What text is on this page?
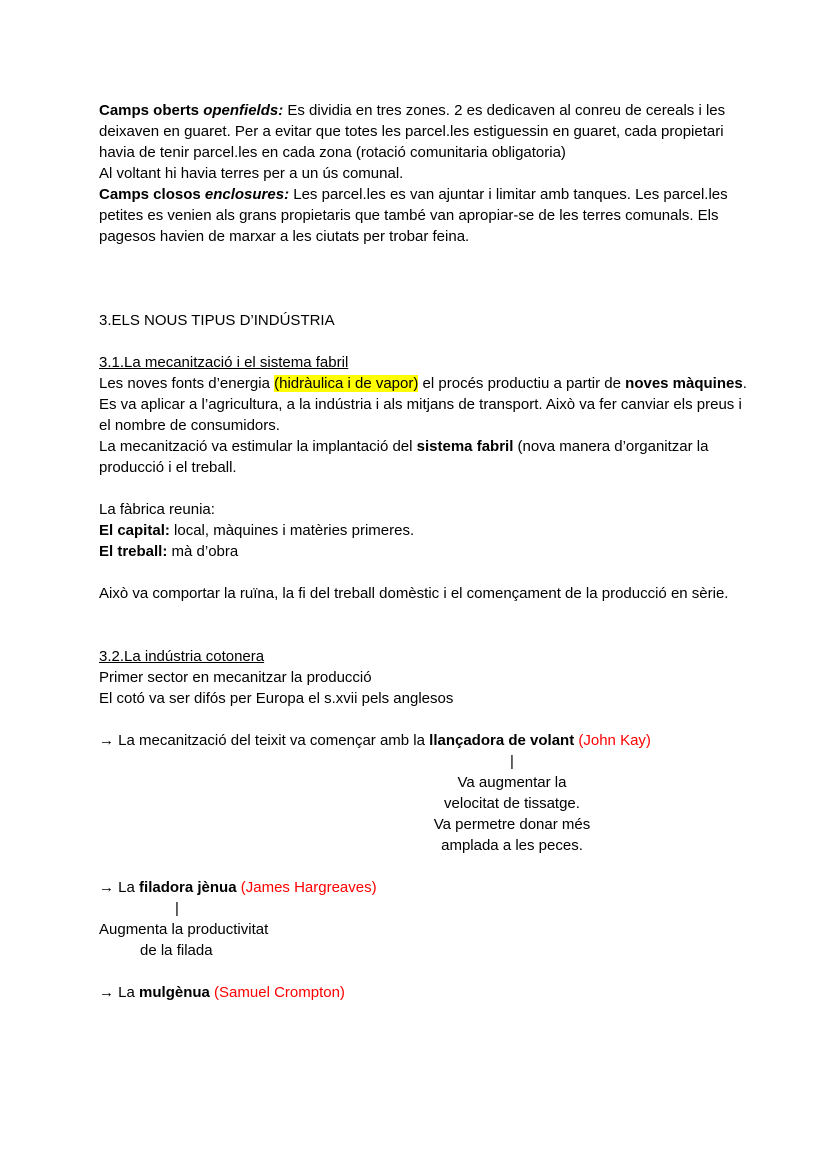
Camps oberts openfields: Es dividia en tres zones. 2 es dedicaven al conreu de cereals i les deixaven en guaret. Per a evitar que totes les parcel.les estiguessin en guaret, cada propietari havia de tenir parcel.les en cada zona (rotació comunitaria obligatoria)
Al voltant hi havia terres per a un ús comunal.
Camps closos enclosures: Les parcel.les es van ajuntar i limitar amb tanques. Les parcel.les petites es venien als grans propietaris que també van apropiar-se de les terres comunals. Els pagesos havien de marxar a les ciutats per trobar feina.

3.ELS NOUS TIPUS D’INDÚSTRIA

3.1.La mecanització i el sistema fabril

Les noves fonts d’energia (hidràulica i de vapor) el procés productiu a partir de noves màquines.

Es va aplicar a l’agricultura, a la indústria i als mitjans de transport. Això va fer canviar els preus i el nombre de consumidors.

La mecanització va estimular la implantació del sistema fabril (nova manera d’organitzar la producció i el treball.

La fàbrica reunia:
El capital: local, màquines i matèries primeres.
El treball: mà d’obra

Això va comportar la ruïna, la fi del treball domèstic i el començament de la producció en sèrie.

3.2.La indústria cotonera

Primer sector en mecanitzar la producció

El cotó va ser difós per Europa el s.xvii pels anglesos

→ La mecanització del teixit va començar amb la llançadora de volant (John Kay)

|
Va augmentar la
velocitat de tissatge.
Va permetre donar més
amplada a les peces.

→ La filadora jènua (James Hargreaves)

|
Augmenta la productivitat
de la filada

→ La mulgènua (Samuel Crompton)
